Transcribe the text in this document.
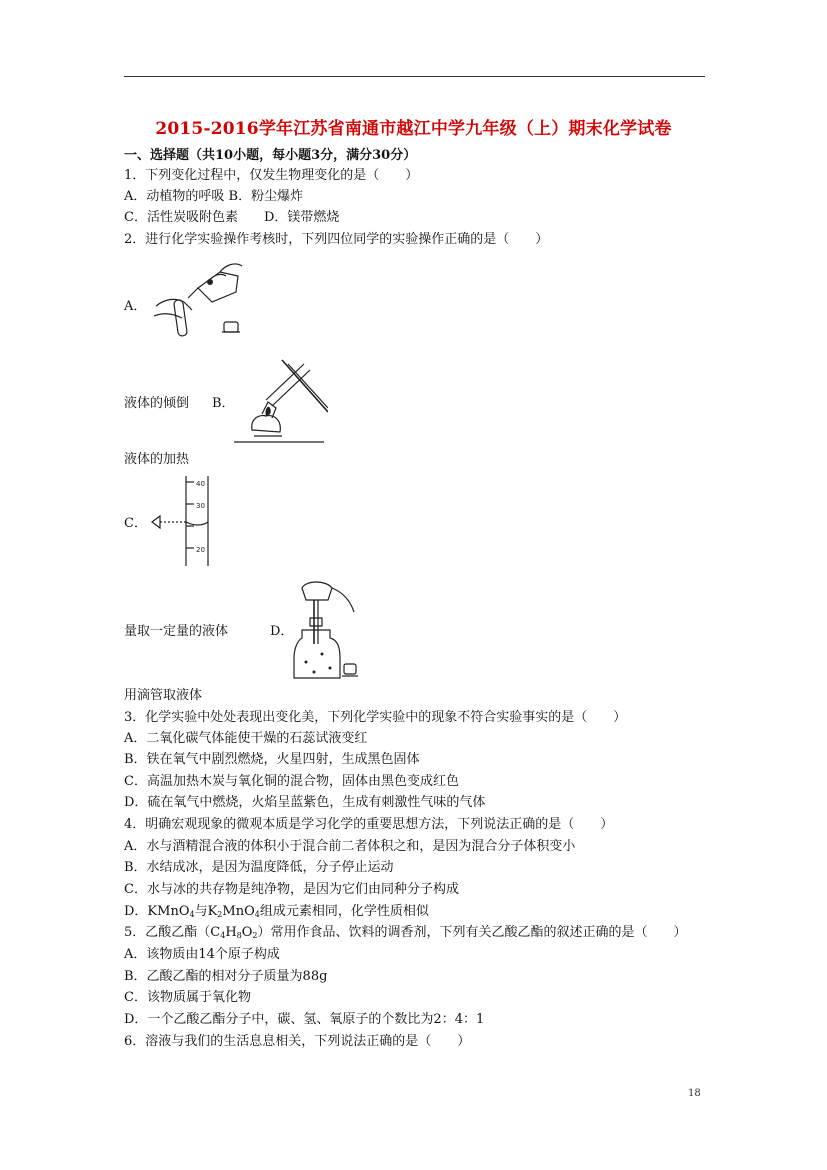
2015-2016学年江苏省南通市越江中学九年级（上）期末化学试卷
一、选择题（共10小题，每小题3分，满分30分）
1．下列变化过程中，仅发生物理变化的是（　　）
A．动植物的呼吸 B．粉尘爆炸
C．活性炭吸附色素　　D．镁带燃烧
2．进行化学实验操作考核时，下列四位同学的实验操作正确的是（　　）
A．
液体的倾倒 B．
液体的加热
C．
40
30
20
量取一定量的液体	D．
用滴管取液体
3．化学实验中处处表现出变化美，下列化学实验中的现象不符合实验事实的是（　　）
A．二氧化碳气体能使干燥的石蕊试液变红
B．铁在氧气中剧烈燃烧，火星四射，生成黑色固体
C．高温加热木炭与氧化铜的混合物，固体由黑色变成红色
D．硫在氧气中燃烧，火焰呈蓝紫色，生成有刺激性气味的气体
4．明确宏观现象的微观本质是学习化学的重要思想方法，下列说法正确的是（　　）
A．水与酒精混合液的体积小于混合前二者体积之和，是因为混合分子体积变小
B．水结成冰，是因为温度降低，分子停止运动
C．水与冰的共存物是纯净物，是因为它们由同种分子构成
D．KMnO$_4$与$K_2MnO_4$组成元素相同，化学性质相似
5．乙酸乙酯$(C_4H_8O_2)$常用作食品、饮料的调香剂，下列有关乙酸乙酯的叙述正确的是（　　）
A．该物质由14个原子构成
B．乙酸乙酯的相对分子质量为88g
C．该物质属于氧化物
D．一个乙酸乙酯分子中，碳、氢、氧原子的个数比为2：4：1
6．溶液与我们的生活息息相关，下列说法正确的是（　　）
18
